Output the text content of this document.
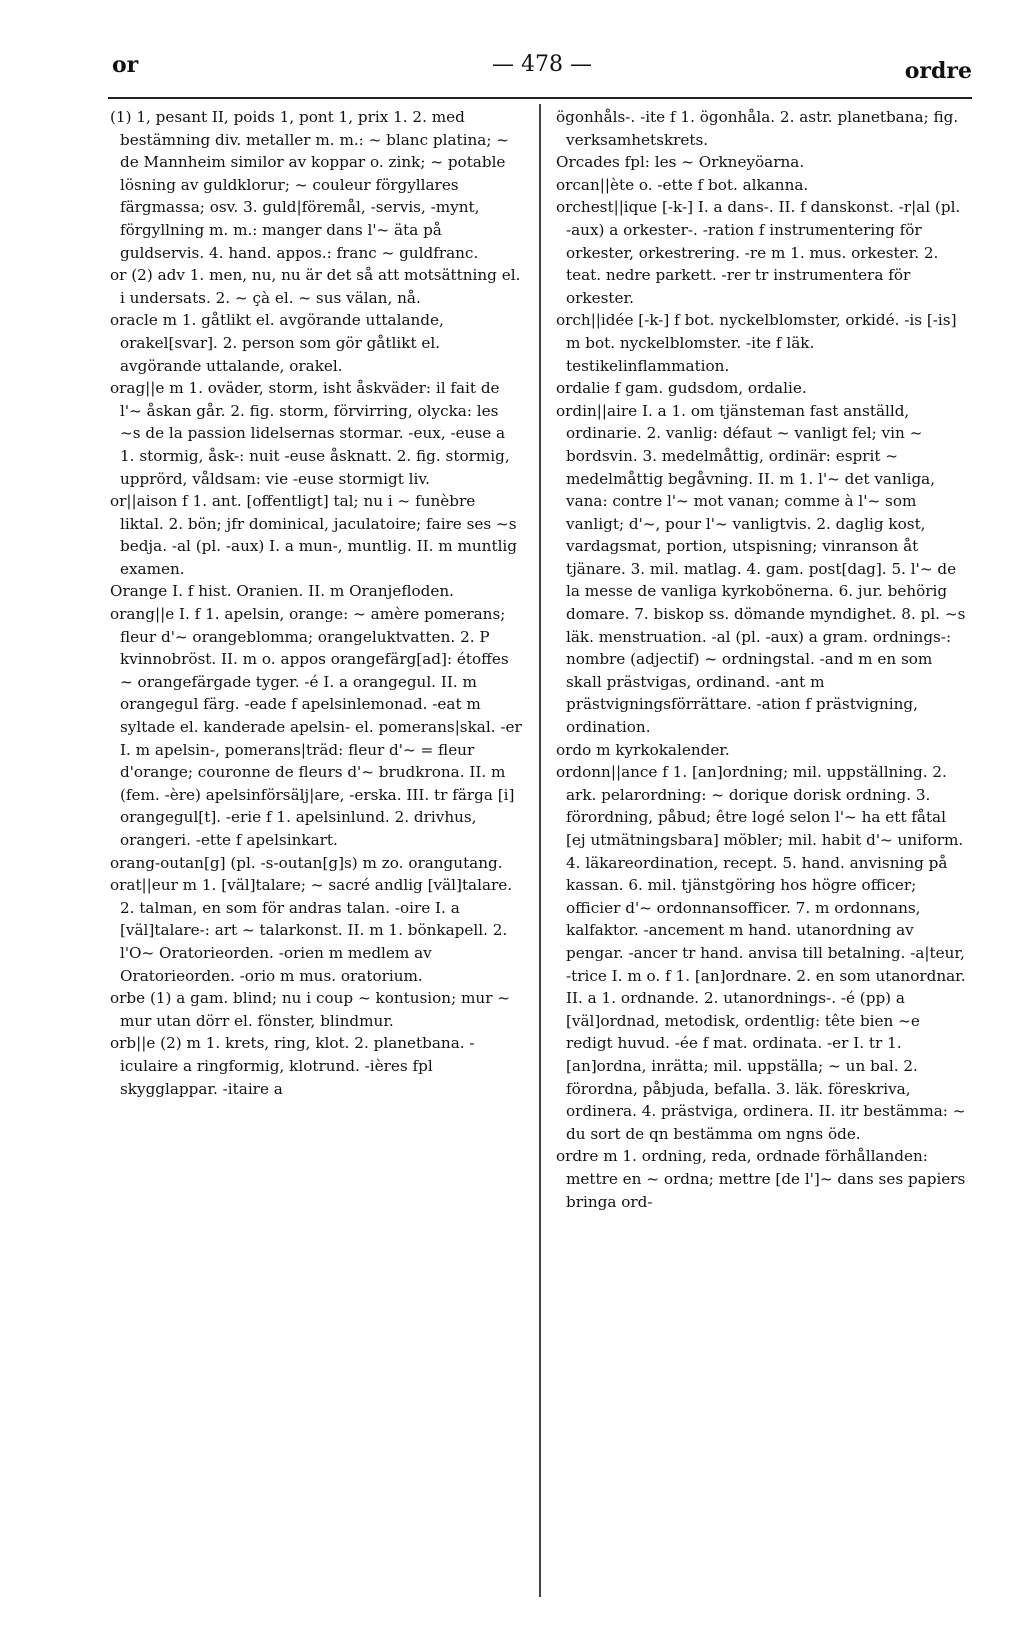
or	— 478 —	ordre

(1) 1, pesant II, poids 1, pont 1, prix 1. 2. med bestämning div. metaller m. m.: ~ blanc platina; ~ de Mannheim similor av koppar o. zink; ~ potable lösning av guldklorur; ~ couleur förgyllares färgmassa; osv. 3. guld|föremål, -servis, -mynt, förgyllning m. m.: manger dans l'~ äta på guldservis. 4. hand. appos.: franc ~ guldfranc.

or (2) adv 1. men, nu, nu är det så att motsättning el. i undersats. 2. ~ çà el. ~ sus välan, nå.

oracle m 1. gåtlikt el. avgörande uttalande, orakel[svar]. 2. person som gör gåtlikt el. avgörande uttalande, orakel.

orag||e m 1. oväder, storm, isht åskväder: il fait de l'~ åskan går. 2. fig. storm, förvirring, olycka: les ~s de la passion lidelsernas stormar. -eux, -euse a 1. stormig, åsk-: nuit -euse åsknatt. 2. fig. stormig, upprörd, våldsam: vie -euse stormigt liv.

or||aison f 1. ant. [offentligt] tal; nu i ~ funèbre liktal. 2. bön; jfr dominical, jaculatoire; faire ses ~s bedja. -al (pl. -aux) I. a mun-, muntlig. II. m muntlig examen.

Orange I. f hist. Oranien. II. m Oranjefloden.

orang||e I. f 1. apelsin, orange: ~ amère pomerans; fleur d'~ orangeblomma; orangeluktvatten. 2. P kvinnobröst. II. m o. appos orangefärg[ad]: étoffes ~ orangefärgade tyger. -é I. a orangegul. II. m orangegul färg. -eade f apelsinlemonad. -eat m syltade el. kanderade apelsin- el. pomerans|skal. -er I. m apelsin-, pomerans|träd: fleur d'~ = fleur d'orange; couronne de fleurs d'~ brudkrona. II. m (fem. -ère) apelsinförsälj|are, -erska. III. tr färga [i] orangegul[t]. -erie f 1. apelsinlund. 2. drivhus, orangeri. -ette f apelsinkart.

orang-outan[g] (pl. -s-outan[g]s) m zo. orangutang.

orat||eur m 1. [väl]talare; ~ sacré andlig [väl]talare. 2. talman, en som för andras talan. -oire I. a [väl]talare-: art ~ talarkonst. II. m 1. bönkapell. 2. l'O~ Oratorieorden. -orien m medlem av Oratorieorden. -orio m mus. oratorium.

orbe (1) a gam. blind; nu i coup ~ kontusion; mur ~ mur utan dörr el. fönster, blindmur.

orb||e (2) m 1. krets, ring, klot. 2. planetbana. -iculaire a ringformig, klotrund. -ières fpl skygglappar. -itaire a

ögonhåls-. -ite f 1. ögonhåla. 2. astr. planetbana; fig. verksamhetskrets.

Orcades fpl: les ~ Orkneyöarna.

orcan||ète o. -ette f bot. alkanna.

orchest||ique [-k-] I. a dans-. II. f danskonst. -r|al (pl. -aux) a orkester-. -ration f instrumentering för orkester, orkestrering. -re m 1. mus. orkester. 2. teat. nedre parkett. -rer tr instrumentera för orkester.

orch||idée [-k-] f bot. nyckelblomster, orkidé. -is [-is] m bot. nyckelblomster. -ite f läk. testikelinflammation.

ordalie f gam. gudsdom, ordalie.

ordin||aire I. a 1. om tjänsteman fast anställd, ordinarie. 2. vanlig: défaut ~ vanligt fel; vin ~ bordsvin. 3. medelmåttig, ordinär: esprit ~ medelmåttig begåvning. II. m 1. l'~ det vanliga, vana: contre l'~ mot vanan; comme à l'~ som vanligt; d'~, pour l'~ vanligtvis. 2. daglig kost, vardagsmat, portion, utspisning; vinranson åt tjänare. 3. mil. matlag. 4. gam. post[dag]. 5. l'~ de la messe de vanliga kyrkobönerna. 6. jur. behörig domare. 7. biskop ss. dömande myndighet. 8. pl. ~s läk. menstruation. -al (pl. -aux) a gram. ordnings-: nombre (adjectif) ~ ordningstal. -and m en som skall prästvigas, ordinand. -ant m prästvigningsförrättare. -ation f prästvigning, ordination.

ordo m kyrkokalender.

ordonn||ance f 1. [an]ordning; mil. uppställning. 2. ark. pelarordning: ~ dorique dorisk ordning. 3. förordning, påbud; être logé selon l'~ ha ett fåtal [ej utmätningsbara] möbler; mil. habit d'~ uniform. 4. läkareordination, recept. 5. hand. anvisning på kassan. 6. mil. tjänstgöring hos högre officer; officier d'~ ordonnansofficer. 7. m ordonnans, kalfaktor. -ancement m hand. utanordning av pengar. -ancer tr hand. anvisa till betalning. -a|teur, -trice I. m o. f 1. [an]ordnare. 2. en som utanordnar. II. a 1. ordnande. 2. utanordnings-. -é (pp) a [väl]ordnad, metodisk, ordentlig: tête bien ~e redigt huvud. -ée f mat. ordinata. -er I. tr 1. [an]ordna, inrätta; mil. uppställa; ~ un bal. 2. förordna, påbjuda, befalla. 3. läk. föreskriva, ordinera. 4. prästviga, ordinera. II. itr bestämma: ~ du sort de qn bestämma om ngns öde.

ordre m 1. ordning, reda, ordnade förhållanden: mettre en ~ ordna; mettre [de l']~ dans ses papiers bringa ord-
